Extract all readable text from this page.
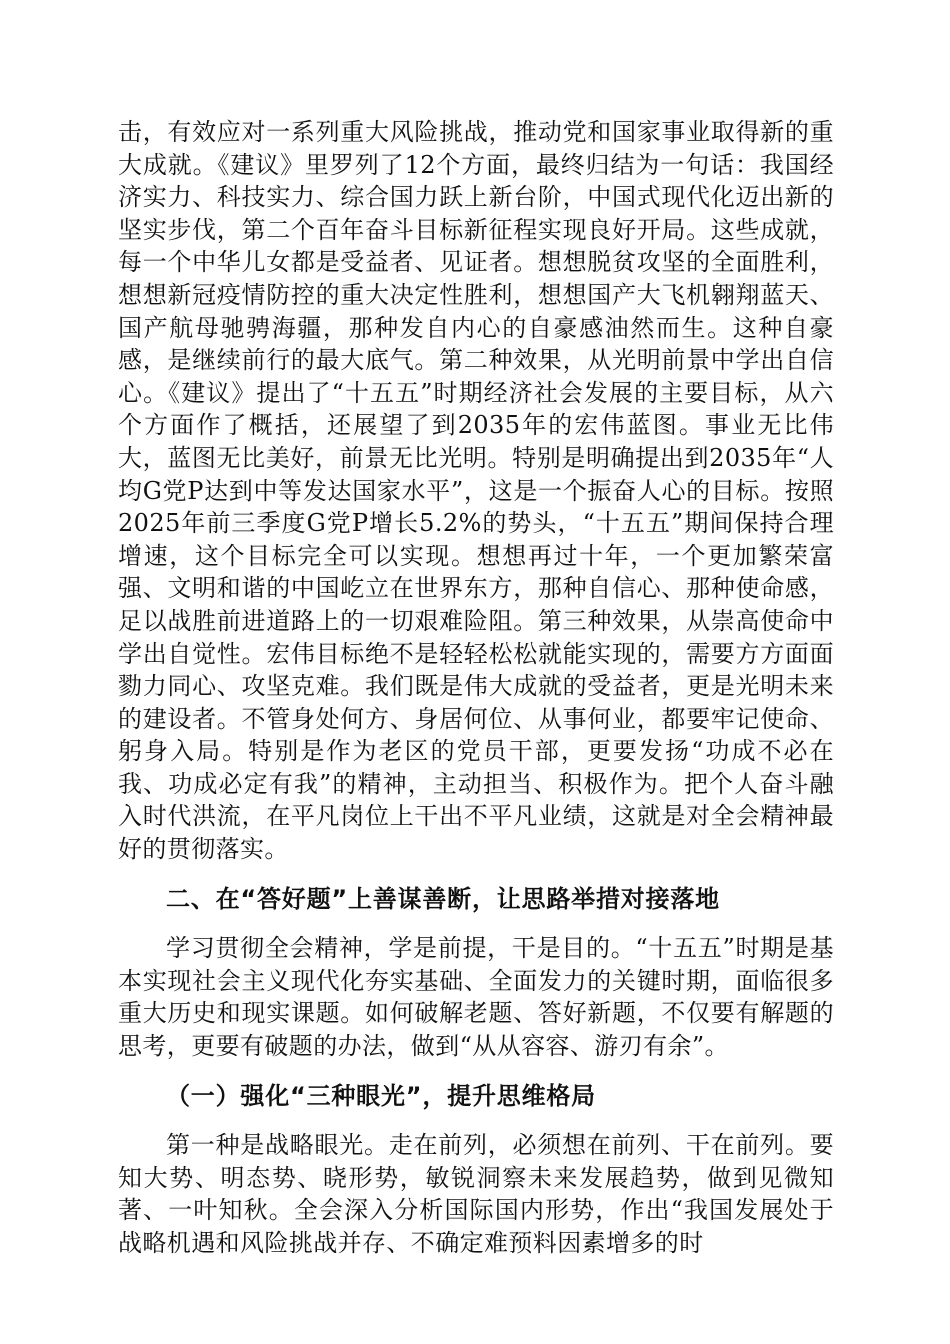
击，有效应对一系列重大风险挑战，推动党和国家事业取得新的重大成就。《建议》里罗列了12个方面，最终归结为一句话：我国经济实力、科技实力、综合国力跃上新台阶，中国式现代化迈出新的坚实步伐，第二个百年奋斗目标新征程实现良好开局。这些成就，每一个中华儿女都是受益者、见证者。想想脱贫攻坚的全面胜利，想想新冠疫情防控的重大决定性胜利，想想国产大飞机翱翔蓝天、国产航母驰骋海疆，那种发自内心的自豪感油然而生。这种自豪感，是继续前行的最大底气。第二种效果，从光明前景中学出自信心。《建议》提出了“十五五”时期经济社会发展的主要目标，从六个方面作了概括，还展望了到2035年的宏伟蓝图。事业无比伟大，蓝图无比美好，前景无比光明。特别是明确提出到2035年“人均G党P达到中等发达国家水平”，这是一个振奋人心的目标。按照2025年前三季度G党P增长5.2%的势头，“十五五”期间保持合理增速，这个目标完全可以实现。想想再过十年，一个更加繁荣富强、文明和谐的中国屹立在世界东方，那种自信心、那种使命感，足以战胜前进道路上的一切艰难险阻。第三种效果，从崇高使命中学出自觉性。宏伟目标绝不是轻轻松松就能实现的，需要方方面面勠力同心、攻坚克难。我们既是伟大成就的受益者，更是光明未来的建设者。不管身处何方、身居何位、从事何业，都要牢记使命、躬身入局。特别是作为老区的党员干部，更要发扬“功成不必在我、功成必定有我”的精神，主动担当、积极作为。把个人奋斗融入时代洪流，在平凡岗位上干出不平凡业绩，这就是对全会精神最好的贯彻落实。

二、在“答好题”上善谋善断，让思路举措对接落地

学习贯彻全会精神，学是前提，干是目的。“十五五”时期是基本实现社会主义现代化夯实基础、全面发力的关键时期，面临很多重大历史和现实课题。如何破解老题、答好新题，不仅要有解题的思考，更要有破题的办法，做到“从从容容、游刃有余”。

（一）强化“三种眼光”，提升思维格局

第一种是战略眼光。走在前列，必须想在前列、干在前列。要知大势、明态势、晓形势，敏锐洞察未来发展趋势，做到见微知著、一叶知秋。全会深入分析国际国内形势，作出“我国发展处于战略机遇和风险挑战并存、不确定难预料因素增多的时
